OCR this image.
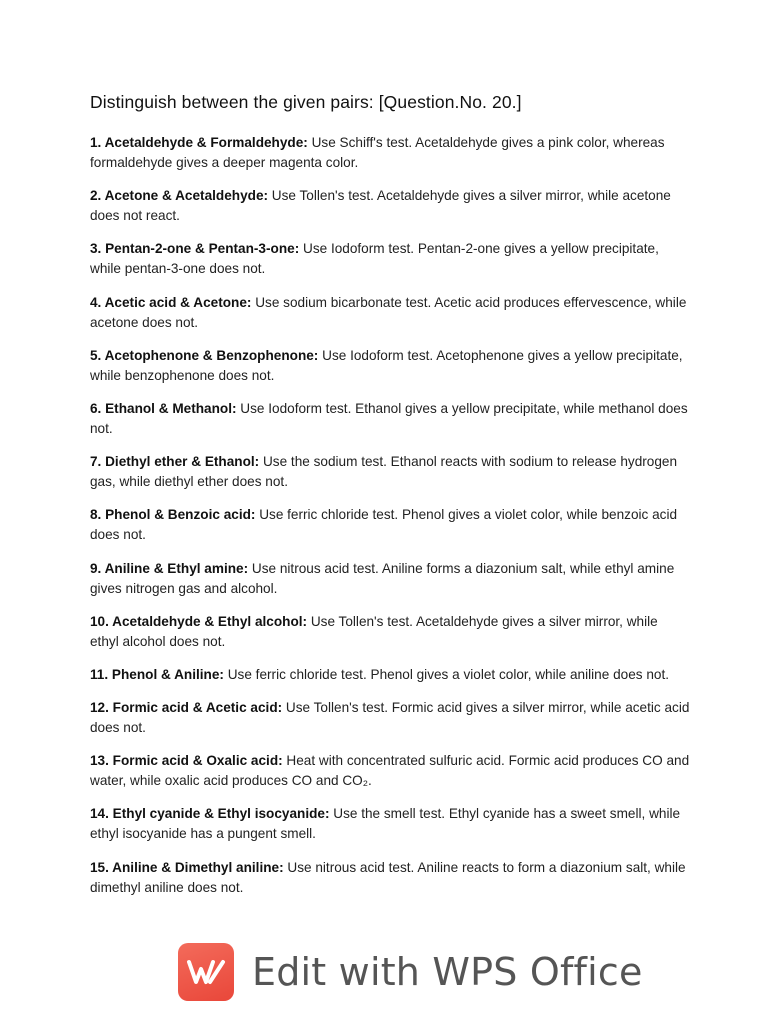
Distinguish between the given pairs: [Question.No. 20.]

1. Acetaldehyde & Formaldehyde: Use Schiff's test. Acetaldehyde gives a pink color, whereas formaldehyde gives a deeper magenta color.

2. Acetone & Acetaldehyde: Use Tollen's test. Acetaldehyde gives a silver mirror, while acetone does not react.

3. Pentan-2-one & Pentan-3-one: Use Iodoform test. Pentan-2-one gives a yellow precipitate, while pentan-3-one does not.

4. Acetic acid & Acetone: Use sodium bicarbonate test. Acetic acid produces effervescence, while acetone does not.

5. Acetophenone & Benzophenone: Use Iodoform test. Acetophenone gives a yellow precipitate, while benzophenone does not.

6. Ethanol & Methanol: Use Iodoform test. Ethanol gives a yellow precipitate, while methanol does not.

7. Diethyl ether & Ethanol: Use the sodium test. Ethanol reacts with sodium to release hydrogen gas, while diethyl ether does not.

8. Phenol & Benzoic acid: Use ferric chloride test. Phenol gives a violet color, while benzoic acid does not.

9. Aniline & Ethyl amine: Use nitrous acid test. Aniline forms a diazonium salt, while ethyl amine gives nitrogen gas and alcohol.

10. Acetaldehyde & Ethyl alcohol: Use Tollen's test. Acetaldehyde gives a silver mirror, while ethyl alcohol does not.

11. Phenol & Aniline: Use ferric chloride test. Phenol gives a violet color, while aniline does not.

12. Formic acid & Acetic acid: Use Tollen's test. Formic acid gives a silver mirror, while acetic acid does not.

13. Formic acid & Oxalic acid: Heat with concentrated sulfuric acid. Formic acid produces CO and water, while oxalic acid produces CO and CO₂.

14. Ethyl cyanide & Ethyl isocyanide: Use the smell test. Ethyl cyanide has a sweet smell, while ethyl isocyanide has a pungent smell.

15. Aniline & Dimethyl aniline: Use nitrous acid test. Aniline reacts to form a diazonium salt, while dimethyl aniline does not.

Edit with WPS Office
